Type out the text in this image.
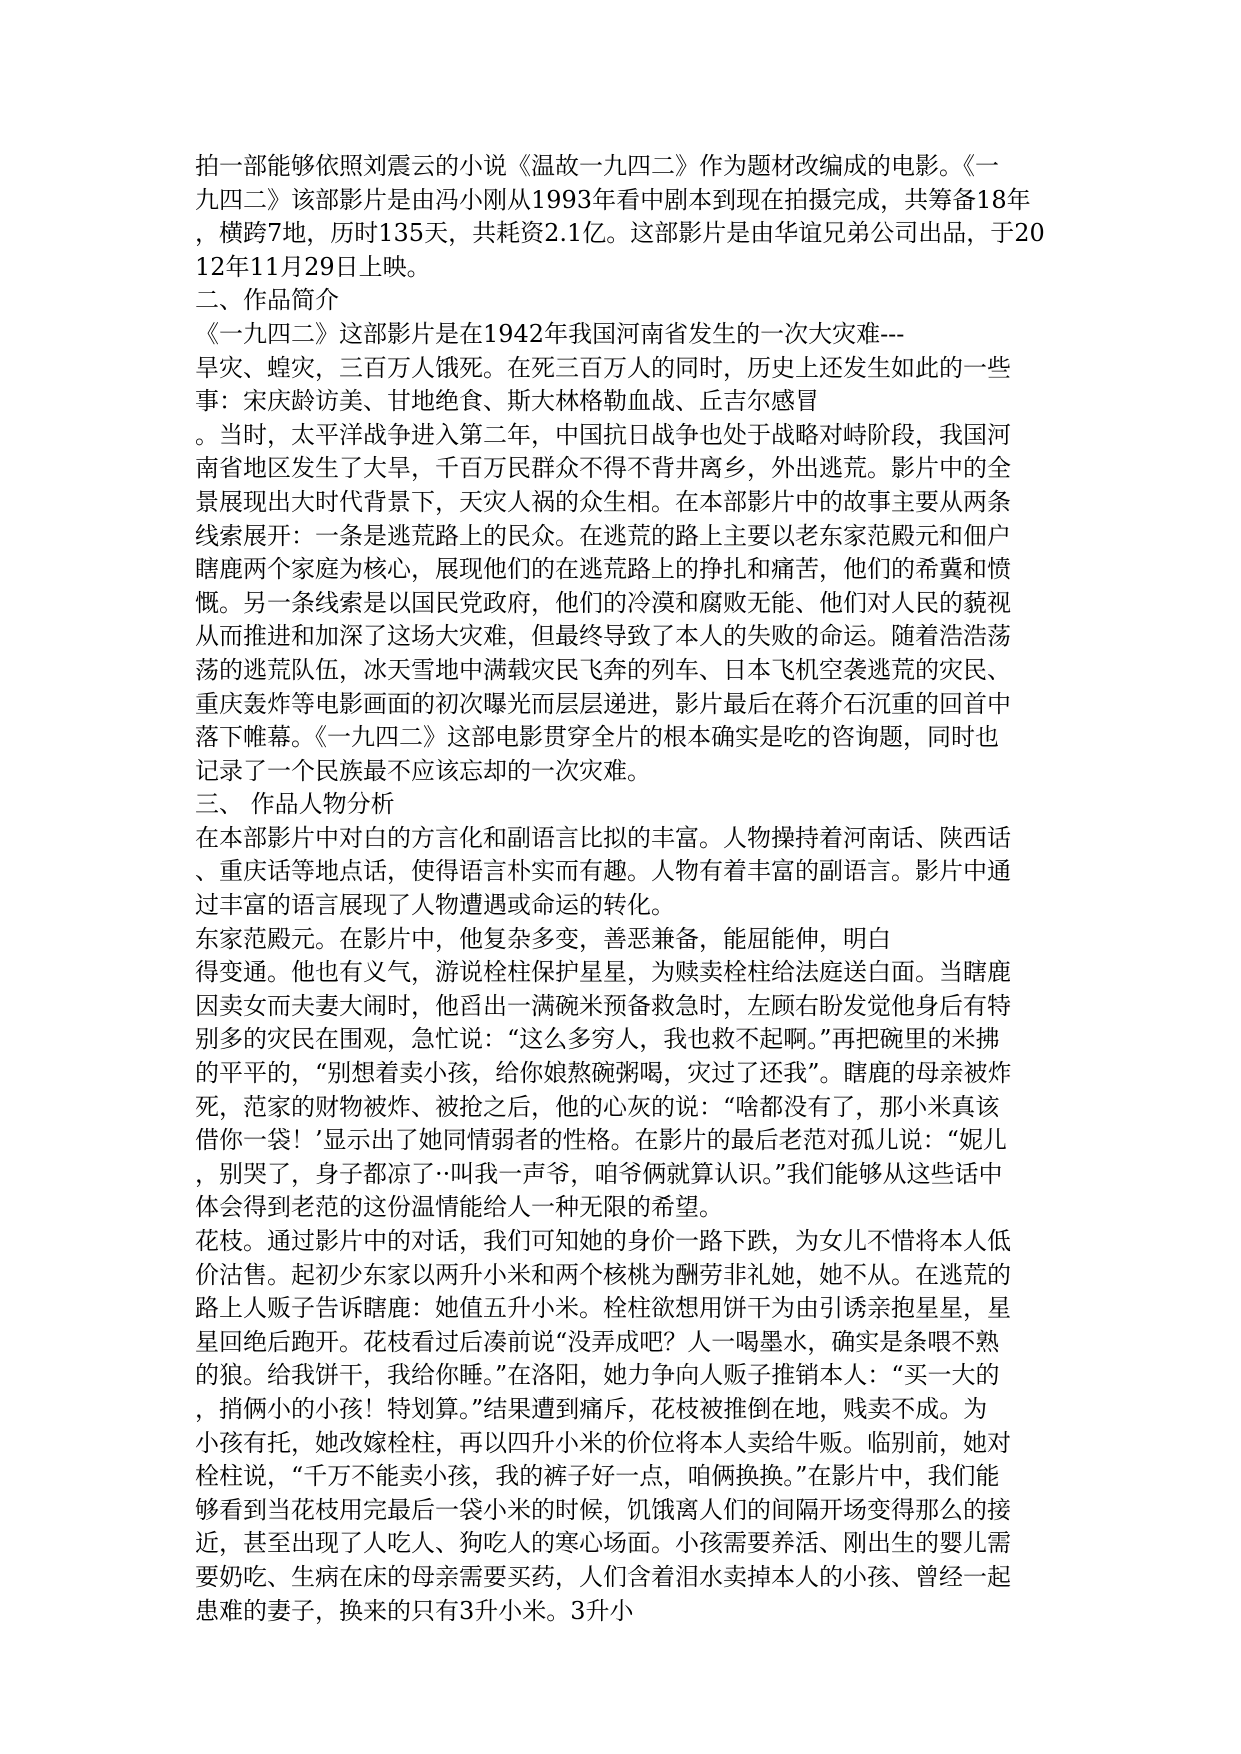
拍一部能够依照刘震云的小说《温故一九四二》作为题材改编成的电影。《一
九四二》该部影片是由冯小刚从1993年看中剧本到现在拍摄完成，共筹备18年
，横跨7地，历时135天，共耗资2.1亿。这部影片是由华谊兄弟公司出品，于20
12年11月29日上映。
二、作品简介
《一九四二》这部影片是在1942年我国河南省发生的一次大灾难---
旱灾、蝗灾，三百万人饿死。在死三百万人的同时，历史上还发生如此的一些
事：宋庆龄访美、甘地绝食、斯大林格勒血战、丘吉尔感冒
。当时，太平洋战争进入第二年，中国抗日战争也处于战略对峙阶段，我国河
南省地区发生了大旱，千百万民群众不得不背井离乡，外出逃荒。影片中的全
景展现出大时代背景下，天灾人祸的众生相。在本部影片中的故事主要从两条
线索展开：一条是逃荒路上的民众。在逃荒的路上主要以老东家范殿元和佃户
瞎鹿两个家庭为核心，展现他们的在逃荒路上的挣扎和痛苦，他们的希冀和愤
慨。另一条线索是以国民党政府，他们的冷漠和腐败无能、他们对人民的藐视
从而推进和加深了这场大灾难，但最终导致了本人的失败的命运。随着浩浩荡
荡的逃荒队伍，冰天雪地中满载灾民飞奔的列车、日本飞机空袭逃荒的灾民、
重庆轰炸等电影画面的初次曝光而层层递进，影片最后在蒋介石沉重的回首中
落下帷幕。《一九四二》这部电影贯穿全片的根本确实是吃的咨询题，同时也
记录了一个民族最不应该忘却的一次灾难。
三、 作品人物分析
在本部影片中对白的方言化和副语言比拟的丰富。人物操持着河南话、陕西话
、重庆话等地点话，使得语言朴实而有趣。人物有着丰富的副语言。影片中通
过丰富的语言展现了人物遭遇或命运的转化。
东家范殿元。在影片中，他复杂多变，善恶兼备，能屈能伸，明白
得变通。他也有义气，游说栓柱保护星星，为赎卖栓柱给法庭送白面。当瞎鹿
因卖女而夫妻大闹时，他舀出一满碗米预备救急时，左顾右盼发觉他身后有特
别多的灾民在围观，急忙说：“这么多穷人，我也救不起啊。”再把碗里的米拂
的平平的，“别想着卖小孩，给你娘熬碗粥喝，灾过了还我”。瞎鹿的母亲被炸
死，范家的财物被炸、被抢之后，他的心灰的说：“啥都没有了，那小米真该
借你一袋！’显示出了她同情弱者的性格。在影片的最后老范对孤儿说：“妮儿
，别哭了，身子都凉了··叫我一声爷，咱爷俩就算认识。”我们能够从这些话中
体会得到老范的这份温情能给人一种无限的希望。
花枝。通过影片中的对话，我们可知她的身价一路下跌，为女儿不惜将本人低
价沽售。起初少东家以两升小米和两个核桃为酬劳非礼她，她不从。在逃荒的
路上人贩子告诉瞎鹿：她值五升小米。栓柱欲想用饼干为由引诱亲抱星星，星
星回绝后跑开。花枝看过后凑前说“没弄成吧？人一喝墨水，确实是条喂不熟
的狼。给我饼干，我给你睡。”在洛阳，她力争向人贩子推销本人：“买一大的
，捎俩小的小孩！特划算。”结果遭到痛斥，花枝被推倒在地，贱卖不成。为
小孩有托，她改嫁栓柱，再以四升小米的价位将本人卖给牛贩。临别前，她对
栓柱说，“千万不能卖小孩，我的裤子好一点，咱俩换换。”在影片中，我们能
够看到当花枝用完最后一袋小米的时候，饥饿离人们的间隔开场变得那么的接
近，甚至出现了人吃人、狗吃人的寒心场面。小孩需要养活、刚出生的婴儿需
要奶吃、生病在床的母亲需要买药，人们含着泪水卖掉本人的小孩、曾经一起
患难的妻子，换来的只有3升小米。3升小
